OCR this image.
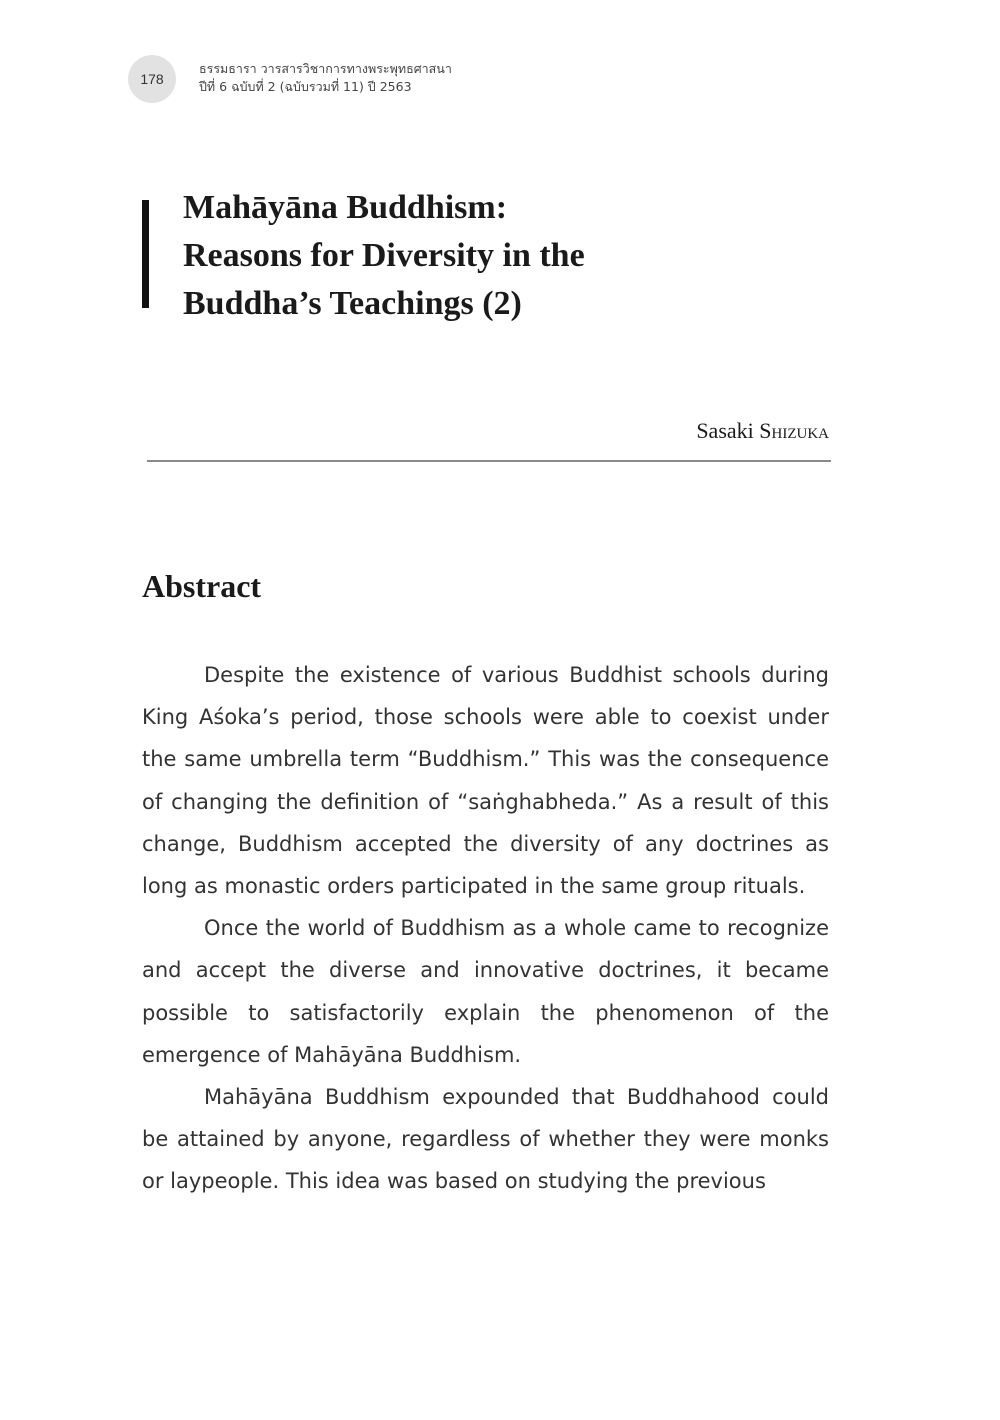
178
ธรรมธารา วารสารวิชาการทางพระพุทธศาสนา
ปีที่ 6 ฉบับที่ 2 (ฉบับรวมที่ 11) ปี 2563
Mahāyāna Buddhism:
Reasons for Diversity in the
Buddha’s Teachings (2)
Sasaki Shizuka
Abstract

Despite the existence of various Buddhist schools during King Aśoka’s period, those schools were able to coexist under the same umbrella term “Buddhism.” This was the consequence of changing the definition of “saṅghabheda.” As a result of this change, Buddhism accepted the diversity of any doctrines as long as monastic orders participated in the same group rituals.

Once the world of Buddhism as a whole came to recognize and accept the diverse and innovative doctrines, it became possible to satisfactorily explain the phenomenon of the emergence of Mahāyāna Buddhism.

Mahāyāna Buddhism expounded that Buddhahood could be attained by anyone, regardless of whether they were monks or laypeople. This idea was based on studying the previous
